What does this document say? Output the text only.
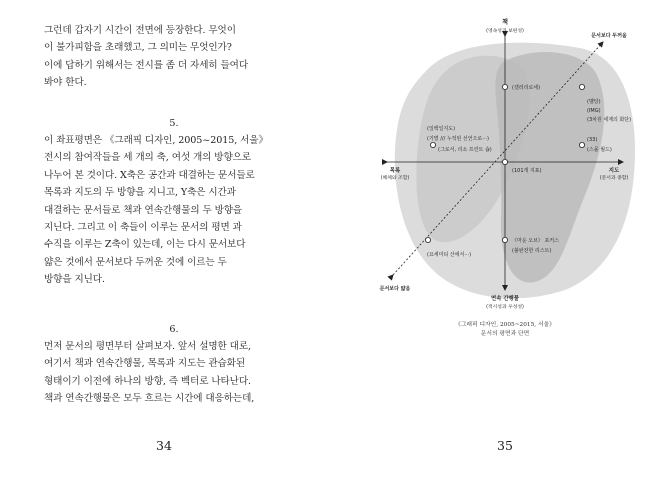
그런데 갑자기 시간이 전면에 등장한다. 무엇이
이 불가피함을 초래했고, 그 의미는 무엇인가?
이에 답하기 위해서는 전시를 좀 더 자세히 들여다
봐야 한다.
5.
이 좌표평면은 《그래픽 디자인, 2005~2015, 서울》
전시의 참여작들을 세 개의 축, 여섯 개의 방향으로
나누어 본 것이다. X축은 공간과 대결하는 문서들로
목록과 지도의 두 방향을 지니고, Y축은 시간과
대결하는 문서들로 책과 연속간행물의 두 방향을
지닌다. 그리고 이 축들이 이루는 문서의 평면 과
수직을 이루는 Z축이 있는데, 이는 다시 문서보다
얇은 것에서 문서보다 두꺼운 것에 이르는 두
방향을 지닌다.
6.
먼저 문서의 평면부터 살펴보자. 앞서 설명한 대로,
여기서 책과 연속간행물, 목록과 지도는 관습화된
형태이기 이전에 하나의 방향, 즉 벡터로 나타난다.
책과 연속간행물은 모두 흐르는 시간에 대응하는데,
34
책
(영속성과 보편성)
연속 간행물
(적시성과 우성성)
목록
(해체와 조합)
지도
(문서과 종합)
문서보다 두꺼움
문서보다 얇음
(갤러리로세)
(일백일지도)
(기벌 /// 누적된 선언으로···)
(그로서, 리소 프린트 숍)
(101개 지표)
(벨탕)
(IMG)
(3차원 세계의 화단)
(33)
(스몰 월드)
《마운 오브》 포커스
(불완전한 리스트)
(요세미티 산에서···)
《그래픽 디자인, 2005~2015, 서울》
문서의 평면과 단면
35
